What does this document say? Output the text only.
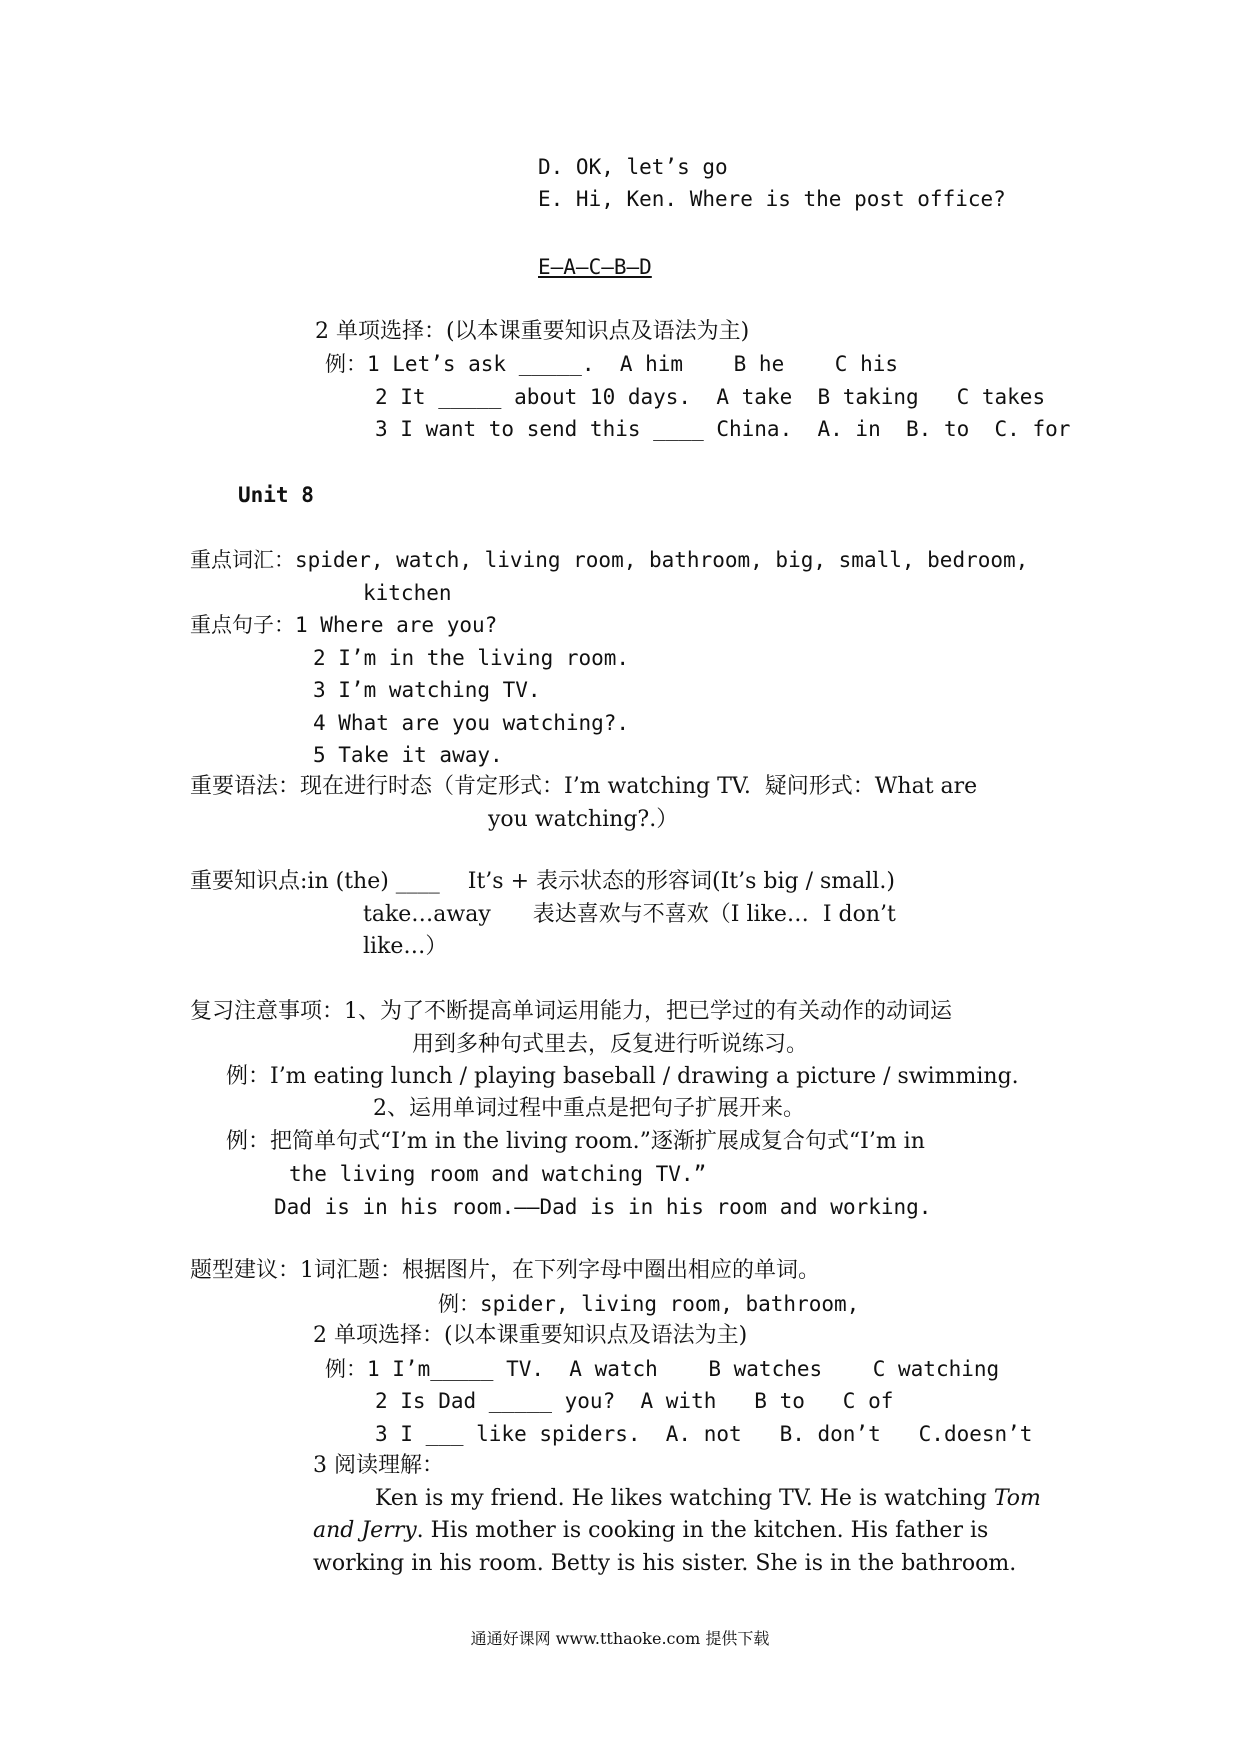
D. OK, let’s go
E. Hi, Ken. Where is the post office?
E—A—C—B—D
2 单项选择：(以本课重要知识点及语法为主)
例：1 Let’s ask _____.  A him    B he    C his
2 It _____ about 10 days.  A take  B taking   C takes
3 I want to send this ____ China.  A. in  B. to  C. for
Unit 8
重点词汇：spider, watch, living room, bathroom, big, small, bedroom,
kitchen
重点句子：1 Where are you?
2 I’m in the living room.
3 I’m watching TV.
4 What are you watching?.
5 Take it away.
重要语法：现在进行时态（肯定形式：I’m watching TV.  疑问形式：What are
you watching?.）
重要知识点:in (the) ____    It’s + 表示状态的形容词(It’s big / small.)
take…away      表达喜欢与不喜欢（I like…  I don’t
like…）
复习注意事项：1、为了不断提高单词运用能力，把已学过的有关动作的动词运
用到多种句式里去，反复进行听说练习。
例：I’m eating lunch / playing baseball / drawing a picture / swimming.
2、运用单词过程中重点是把句子扩展开来。
例：把简单句式“I’m in the living room.”逐渐扩展成复合句式“I’m in
the living room and watching TV.”
Dad is in his room.——Dad is in his room and working.
题型建议：1词汇题：根据图片，在下列字母中圈出相应的单词。
例：spider, living room, bathroom,
2 单项选择：(以本课重要知识点及语法为主)
例：1 I’m_____ TV.  A watch    B watches    C watching
2 Is Dad _____ you?  A with   B to   C of
3 I ___ like spiders.  A. not   B. don’t   C.doesn’t
3 阅读理解：
Ken is my friend. He likes watching TV. He is watching Tom
and Jerry. His mother is cooking in the kitchen. His father is
working in his room. Betty is his sister. She is in the bathroom.
通通好课网 www.tthaoke.com 提供下载
